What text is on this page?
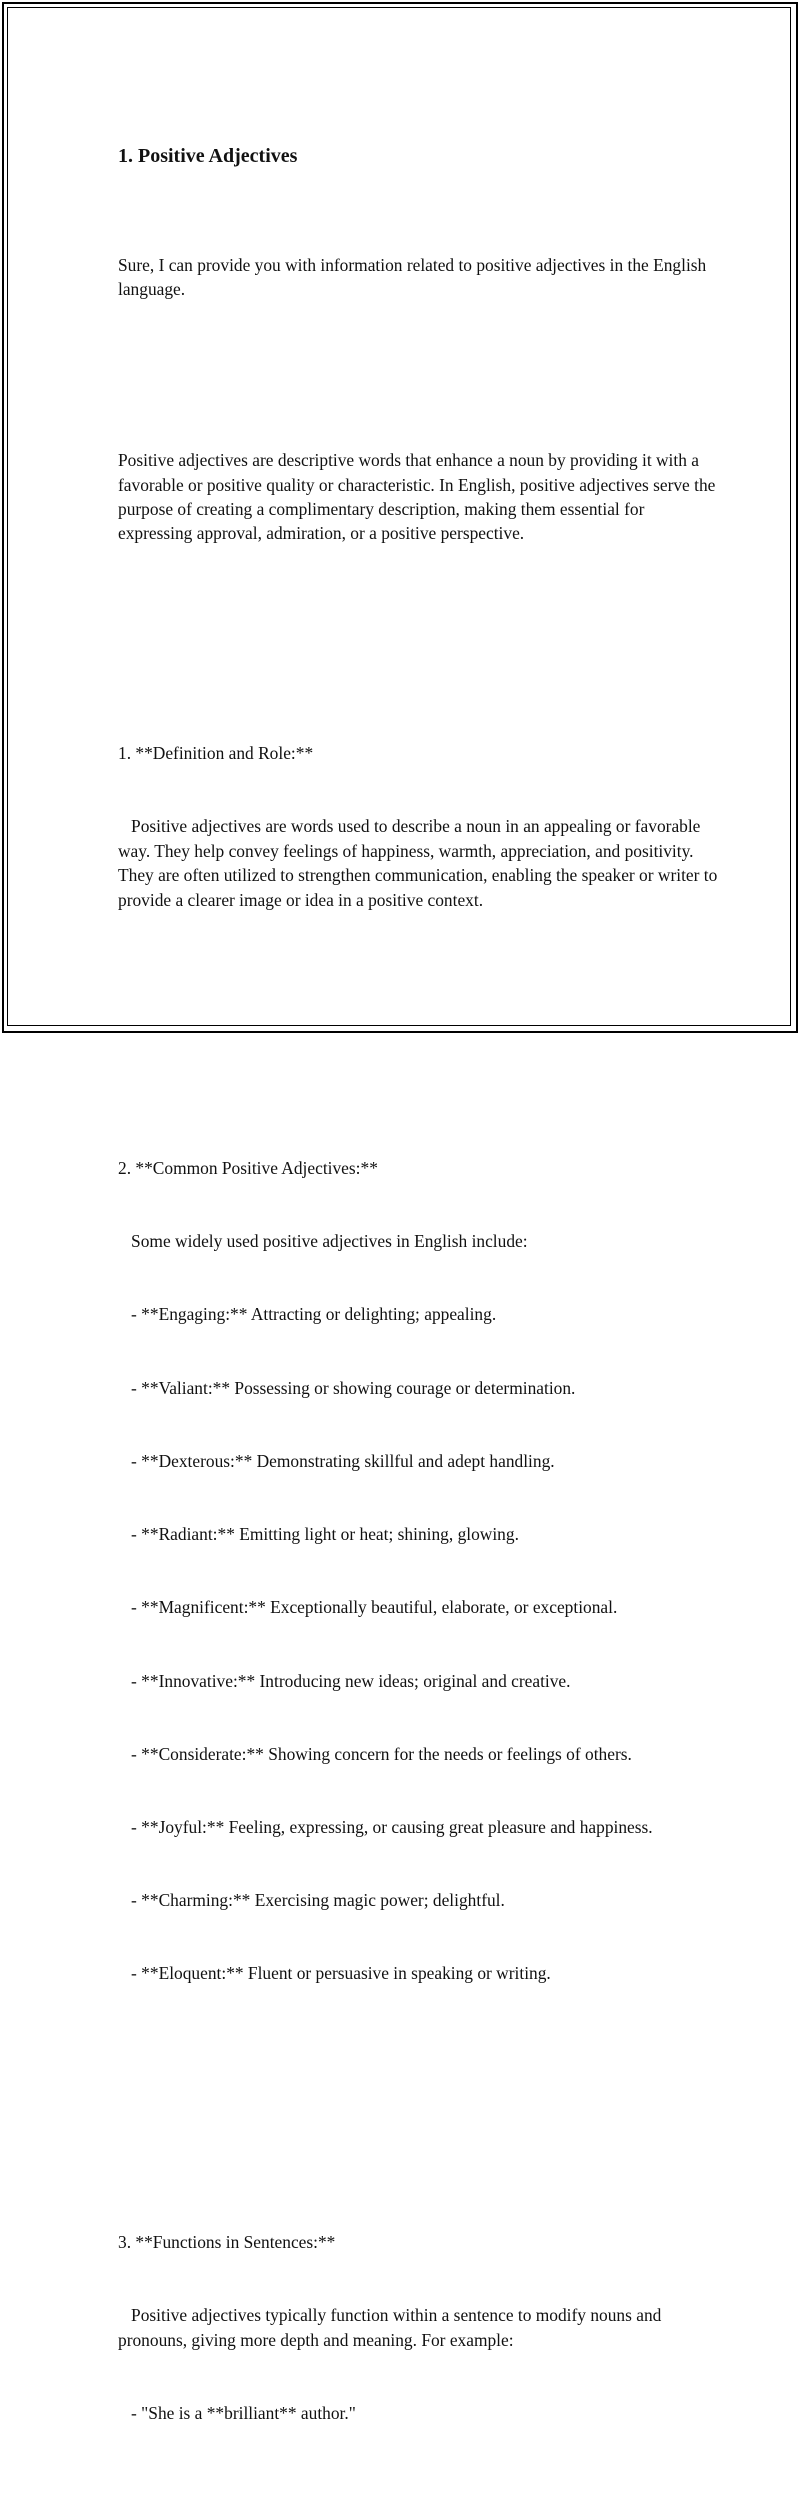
1. Positive Adjectives

Sure, I can provide you with information related to positive adjectives in the English language.

Positive adjectives are descriptive words that enhance a noun by providing it with a favorable or positive quality or characteristic. In English, positive adjectives serve the purpose of creating a complimentary description, making them essential for expressing approval, admiration, or a positive perspective.

1. **Definition and Role:**

Positive adjectives are words used to describe a noun in an appealing or favorable way. They help convey feelings of happiness, warmth, appreciation, and positivity. They are often utilized to strengthen communication, enabling the speaker or writer to provide a clearer image or idea in a positive context.

2. **Common Positive Adjectives:**

Some widely used positive adjectives in English include:

- **Engaging:** Attracting or delighting; appealing.

- **Valiant:** Possessing or showing courage or determination.

- **Dexterous:** Demonstrating skillful and adept handling.

- **Radiant:** Emitting light or heat; shining, glowing.

- **Magnificent:** Exceptionally beautiful, elaborate, or exceptional.

- **Innovative:** Introducing new ideas; original and creative.

- **Considerate:** Showing concern for the needs or feelings of others.

- **Joyful:** Feeling, expressing, or causing great pleasure and happiness.

- **Charming:** Exercising magic power; delightful.

- **Eloquent:** Fluent or persuasive in speaking or writing.

3. **Functions in Sentences:**

Positive adjectives typically function within a sentence to modify nouns and pronouns, giving more depth and meaning. For example:

- "She is a **brilliant** author."
